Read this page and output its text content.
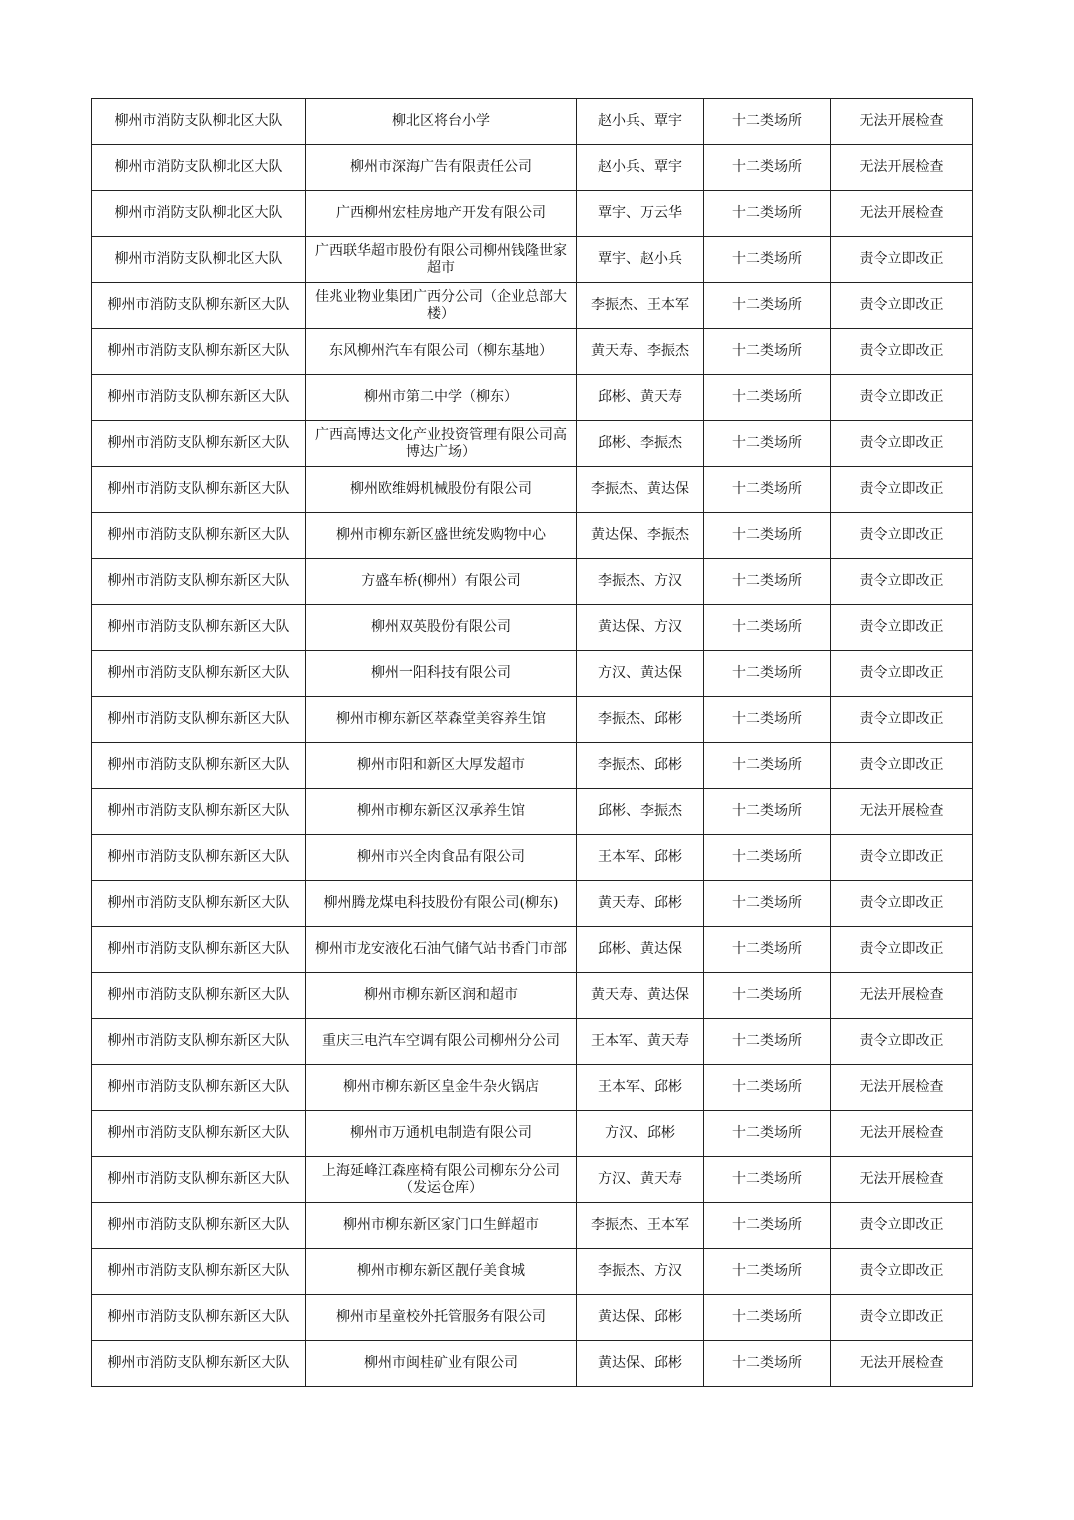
柳州市消防支队柳北区大队	柳北区将台小学	赵小兵、覃宇	十二类场所	无法开展检查
柳州市消防支队柳北区大队	柳州市深海广告有限责任公司	赵小兵、覃宇	十二类场所	无法开展检查
柳州市消防支队柳北区大队	广西柳州宏桂房地产开发有限公司	覃宇、万云华	十二类场所	无法开展检查
柳州市消防支队柳北区大队	广西联华超市股份有限公司柳州钱隆世家超市	覃宇、赵小兵	十二类场所	责令立即改正
柳州市消防支队柳东新区大队	佳兆业物业集团广西分公司（企业总部大楼）	李振杰、王本军	十二类场所	责令立即改正
柳州市消防支队柳东新区大队	东风柳州汽车有限公司（柳东基地）	黄天寿、李振杰	十二类场所	责令立即改正
柳州市消防支队柳东新区大队	柳州市第二中学（柳东）	邱彬、黄天寿	十二类场所	责令立即改正
柳州市消防支队柳东新区大队	广西高博达文化产业投资管理有限公司高博达广场）	邱彬、李振杰	十二类场所	责令立即改正
柳州市消防支队柳东新区大队	柳州欧维姆机械股份有限公司	李振杰、黄达保	十二类场所	责令立即改正
柳州市消防支队柳东新区大队	柳州市柳东新区盛世统发购物中心	黄达保、李振杰	十二类场所	责令立即改正
柳州市消防支队柳东新区大队	方盛车桥(柳州）有限公司	李振杰、方汉	十二类场所	责令立即改正
柳州市消防支队柳东新区大队	柳州双英股份有限公司	黄达保、方汉	十二类场所	责令立即改正
柳州市消防支队柳东新区大队	柳州一阳科技有限公司	方汉、黄达保	十二类场所	责令立即改正
柳州市消防支队柳东新区大队	柳州市柳东新区萃森堂美容养生馆	李振杰、邱彬	十二类场所	责令立即改正
柳州市消防支队柳东新区大队	柳州市阳和新区大厚发超市	李振杰、邱彬	十二类场所	责令立即改正
柳州市消防支队柳东新区大队	柳州市柳东新区汉承养生馆	邱彬、李振杰	十二类场所	无法开展检查
柳州市消防支队柳东新区大队	柳州市兴全肉食品有限公司	王本军、邱彬	十二类场所	责令立即改正
柳州市消防支队柳东新区大队	柳州腾龙煤电科技股份有限公司(柳东)	黄天寿、邱彬	十二类场所	责令立即改正
柳州市消防支队柳东新区大队	柳州市龙安液化石油气储气站书香门市部	邱彬、黄达保	十二类场所	责令立即改正
柳州市消防支队柳东新区大队	柳州市柳东新区润和超市	黄天寿、黄达保	十二类场所	无法开展检查
柳州市消防支队柳东新区大队	重庆三电汽车空调有限公司柳州分公司	王本军、黄天寿	十二类场所	责令立即改正
柳州市消防支队柳东新区大队	柳州市柳东新区皇金牛杂火锅店	王本军、邱彬	十二类场所	无法开展检查
柳州市消防支队柳东新区大队	柳州市万通机电制造有限公司	方汉、邱彬	十二类场所	无法开展检查
柳州市消防支队柳东新区大队	上海延峰江森座椅有限公司柳东分公司（发运仓库）	方汉、黄天寿	十二类场所	无法开展检查
柳州市消防支队柳东新区大队	柳州市柳东新区家门口生鲜超市	李振杰、王本军	十二类场所	责令立即改正
柳州市消防支队柳东新区大队	柳州市柳东新区靓仔美食城	李振杰、方汉	十二类场所	责令立即改正
柳州市消防支队柳东新区大队	柳州市星童校外托管服务有限公司	黄达保、邱彬	十二类场所	责令立即改正
柳州市消防支队柳东新区大队	柳州市闽桂矿业有限公司	黄达保、邱彬	十二类场所	无法开展检查
